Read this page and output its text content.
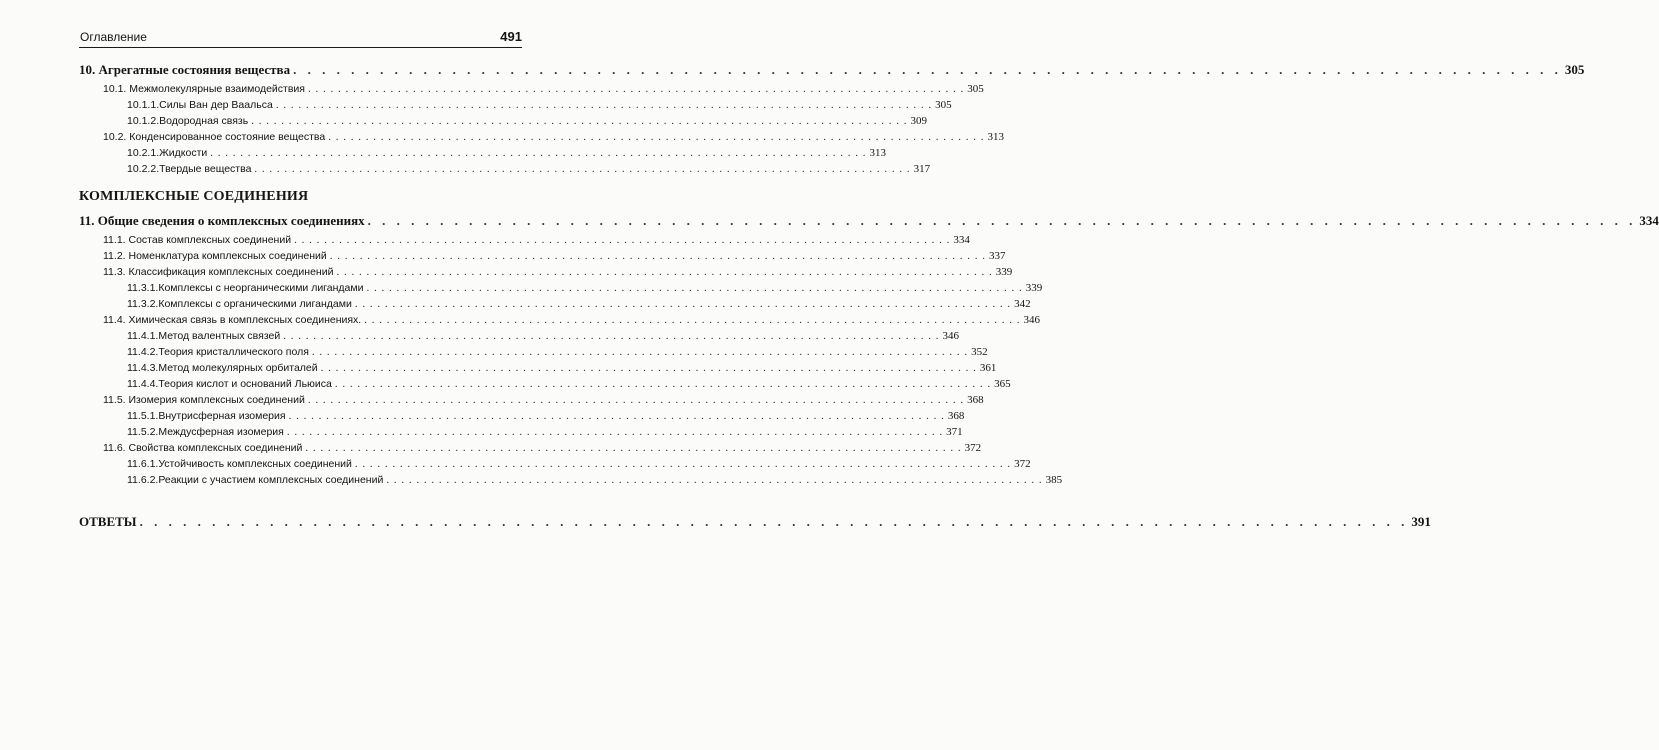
Оглавление	491
10. Агрегатные состояния вещества . . . . . . . . . . . . . . . . . . . . . . . . . . . . . . . . . . . . . . . . . . . . . . . . . . . . . . . . . . . . . . . . . . . . . . . . . . . . . . . . . . . . . . . . 305
10.1. Межмолекулярные взаимодействия . . . . . . . . . . . . . . . . . . . . . . . . . . . . . . . . . . . . . . . . . . . . . . . . . . . . . . . . . . . . . . . . . . . . . . . . . . . . . . . . . . . . . . . . 305
10.1.1.Силы Ван дер Ваальса . . . . . . . . . . . . . . . . . . . . . . . . . . . . . . . . . . . . . . . . . . . . . . . . . . . . . . . . . . . . . . . . . . . . . . . . . . . . . . . . . . . . . . . . 305
10.1.2.Водородная связь . . . . . . . . . . . . . . . . . . . . . . . . . . . . . . . . . . . . . . . . . . . . . . . . . . . . . . . . . . . . . . . . . . . . . . . . . . . . . . . . . . . . . . . . 309
10.2. Конденсированное состояние вещества . . . . . . . . . . . . . . . . . . . . . . . . . . . . . . . . . . . . . . . . . . . . . . . . . . . . . . . . . . . . . . . . . . . . . . . . . . . . . . . . . . . . . . . . 313
10.2.1.Жидкости . . . . . . . . . . . . . . . . . . . . . . . . . . . . . . . . . . . . . . . . . . . . . . . . . . . . . . . . . . . . . . . . . . . . . . . . . . . . . . . . . . . . . . . . 313
10.2.2.Твердые вещества . . . . . . . . . . . . . . . . . . . . . . . . . . . . . . . . . . . . . . . . . . . . . . . . . . . . . . . . . . . . . . . . . . . . . . . . . . . . . . . . . . . . . . . . 317
КОМПЛЕКСНЫЕ СОЕДИНЕНИЯ
11. Общие сведения о комплексных соединениях . . . . . . . . . . . . . . . . . . . . . . . . . . . . . . . . . . . . . . . . . . . . . . . . . . . . . . . . . . . . . . . . . . . . . . . . . . . . . . . . . . . . . . . . 334
11.1. Состав комплексных соединений . . . . . . . . . . . . . . . . . . . . . . . . . . . . . . . . . . . . . . . . . . . . . . . . . . . . . . . . . . . . . . . . . . . . . . . . . . . . . . . . . . . . . . . . 334
11.2. Номенклатура комплексных соединений . . . . . . . . . . . . . . . . . . . . . . . . . . . . . . . . . . . . . . . . . . . . . . . . . . . . . . . . . . . . . . . . . . . . . . . . . . . . . . . . . . . . . . . . 337
11.3. Классификация комплексных соединений . . . . . . . . . . . . . . . . . . . . . . . . . . . . . . . . . . . . . . . . . . . . . . . . . . . . . . . . . . . . . . . . . . . . . . . . . . . . . . . . . . . . . . . . 339
11.3.1.Комплексы с неорганическими лигандами . . . . . . . . . . . . . . . . . . . . . . . . . . . . . . . . . . . . . . . . . . . . . . . . . . . . . . . . . . . . . . . . . . . . . . . . . . . . . . . . . . . . . . . . 339
11.3.2.Комплексы с органическими лигандами . . . . . . . . . . . . . . . . . . . . . . . . . . . . . . . . . . . . . . . . . . . . . . . . . . . . . . . . . . . . . . . . . . . . . . . . . . . . . . . . . . . . . . . . 342
11.4. Химическая связь в комплексных соединениях. . . . . . . . . . . . . . . . . . . . . . . . . . . . . . . . . . . . . . . . . . . . . . . . . . . . . . . . . . . . . . . . . . . . . . . . . . . . . . . . . . . . . . . . . 346
11.4.1.Метод валентных связей . . . . . . . . . . . . . . . . . . . . . . . . . . . . . . . . . . . . . . . . . . . . . . . . . . . . . . . . . . . . . . . . . . . . . . . . . . . . . . . . . . . . . . . . 346
11.4.2.Теория кристаллического поля . . . . . . . . . . . . . . . . . . . . . . . . . . . . . . . . . . . . . . . . . . . . . . . . . . . . . . . . . . . . . . . . . . . . . . . . . . . . . . . . . . . . . . . . 352
11.4.3.Метод молекулярных орбиталей . . . . . . . . . . . . . . . . . . . . . . . . . . . . . . . . . . . . . . . . . . . . . . . . . . . . . . . . . . . . . . . . . . . . . . . . . . . . . . . . . . . . . . . . 361
11.4.4.Теория кислот и оснований Льюиса . . . . . . . . . . . . . . . . . . . . . . . . . . . . . . . . . . . . . . . . . . . . . . . . . . . . . . . . . . . . . . . . . . . . . . . . . . . . . . . . . . . . . . . . 365
11.5. Изомерия комплексных соединений . . . . . . . . . . . . . . . . . . . . . . . . . . . . . . . . . . . . . . . . . . . . . . . . . . . . . . . . . . . . . . . . . . . . . . . . . . . . . . . . . . . . . . . . 368
11.5.1.Внутрисферная изомерия . . . . . . . . . . . . . . . . . . . . . . . . . . . . . . . . . . . . . . . . . . . . . . . . . . . . . . . . . . . . . . . . . . . . . . . . . . . . . . . . . . . . . . . . 368
11.5.2.Междусферная изомерия . . . . . . . . . . . . . . . . . . . . . . . . . . . . . . . . . . . . . . . . . . . . . . . . . . . . . . . . . . . . . . . . . . . . . . . . . . . . . . . . . . . . . . . . 371
11.6. Свойства комплексных соединений . . . . . . . . . . . . . . . . . . . . . . . . . . . . . . . . . . . . . . . . . . . . . . . . . . . . . . . . . . . . . . . . . . . . . . . . . . . . . . . . . . . . . . . . 372
11.6.1.Устойчивость комплексных соединений . . . . . . . . . . . . . . . . . . . . . . . . . . . . . . . . . . . . . . . . . . . . . . . . . . . . . . . . . . . . . . . . . . . . . . . . . . . . . . . . . . . . . . . . 372
11.6.2.Реакции с участием комплексных соединений . . . . . . . . . . . . . . . . . . . . . . . . . . . . . . . . . . . . . . . . . . . . . . . . . . . . . . . . . . . . . . . . . . . . . . . . . . . . . . . . . . . . . . . . 385
ОТВЕТЫ . . . . . . . . . . . . . . . . . . . . . . . . . . . . . . . . . . . . . . . . . . . . . . . . . . . . . . . . . . . . . . . . . . . . . . . . . . . . . . . . . . . . . . . . 391
